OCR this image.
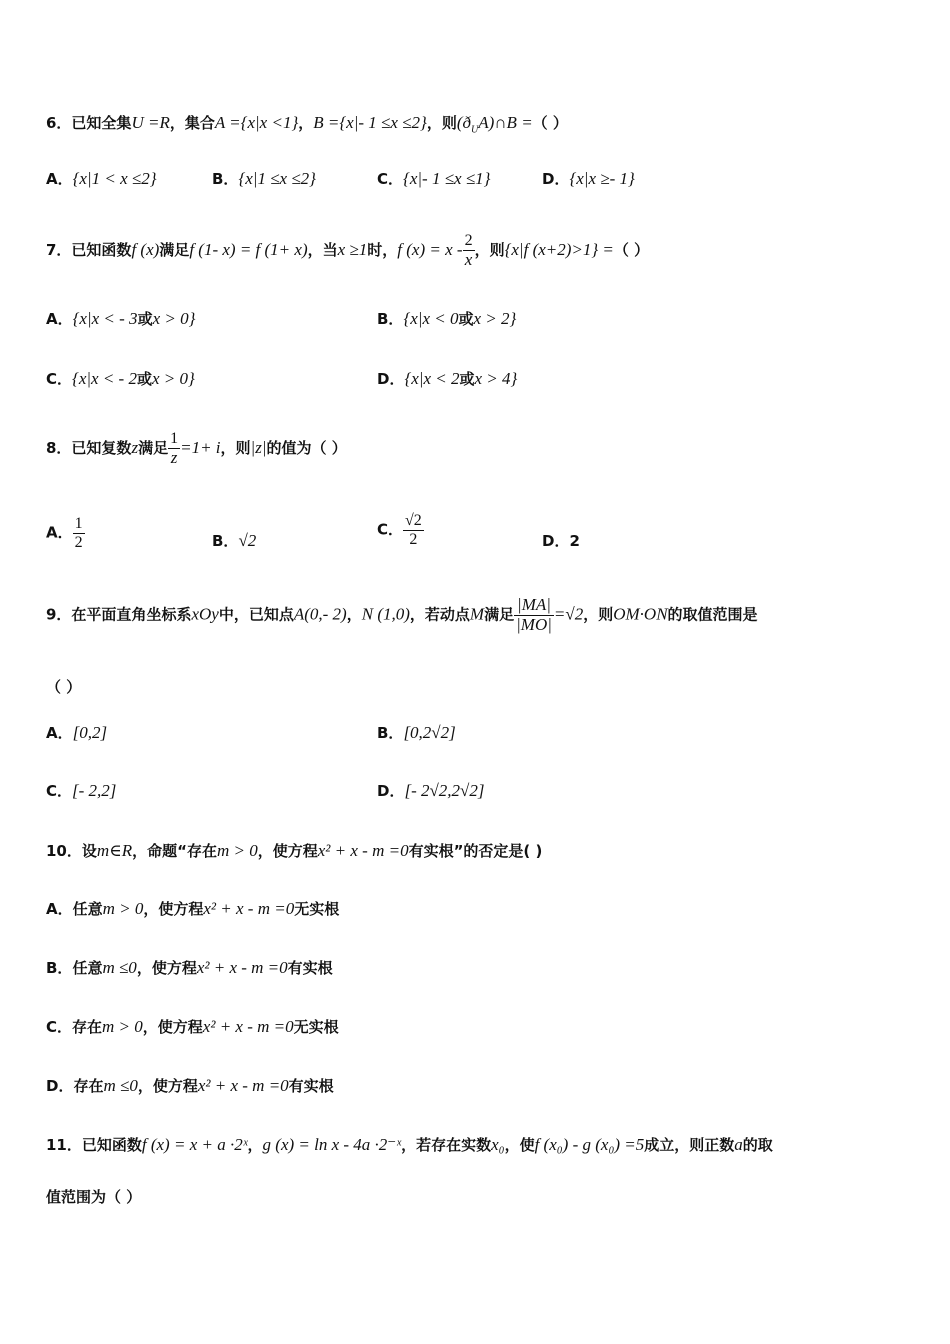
6．已知全集U =R，集合A ={x|x <1}，B ={x|- 1 ≤x ≤2}，则$(ð_UA)\cap B$ =（ ）
A．{x|1 < x ≤2}	B．{x|1 ≤x ≤2}	C．{x|- 1 ≤x ≤1}	D．{x|x ≥- 1}
7．已知函数f (x)满足f (1- x) = f (1+ x)，当x ≥1时，f $(x) = x - \frac{2}{x}$ ，则{x|f (x+2)>1} =（ ）
A．{x|x < - 3或x > 0}	B．{x|x < 0或x > 2}
C．{x|x < - 2或x > 0}	D．{x|x < 2或x > 4}
8．已知复数z满足 $\frac{1}{z} =1+ i$，则|z|的值为（ ）
A． $\frac{1}{2}$	B．√2
C． $\frac{√2}{2}$	D．2
9．在平面直角坐标系xOy中，已知点A(0,- 2)，N (1,0)，若动点M满足 $\frac{|MA|}{|MO|} =√2$，则OM·ON的取值范围是
（ ）
A．[0,2]	B．[0,2√2]
C．[- 2,2]	D．[- 2√2,2√2]
10．设m∈R，命题“存在m > 0，使方程x² + x - m =0有实根”的否定是( )
A．任意m > 0，使方程x² + x - m =0无实根
B．任意m ≤0，使方程x² + x - m =0有实根
C．存在m > 0，使方程x² + x - m =0无实根
D．存在m ≤0，使方程x² + x - m =0有实根
11．已知函数f (x) = x + a ·2ˣ，g (x) = ln x - 4a ·2⁻ˣ，若存在实数x₀，使f (x₀) - g (x₀) =5成立，则正数a的取
值范围为（ ）
